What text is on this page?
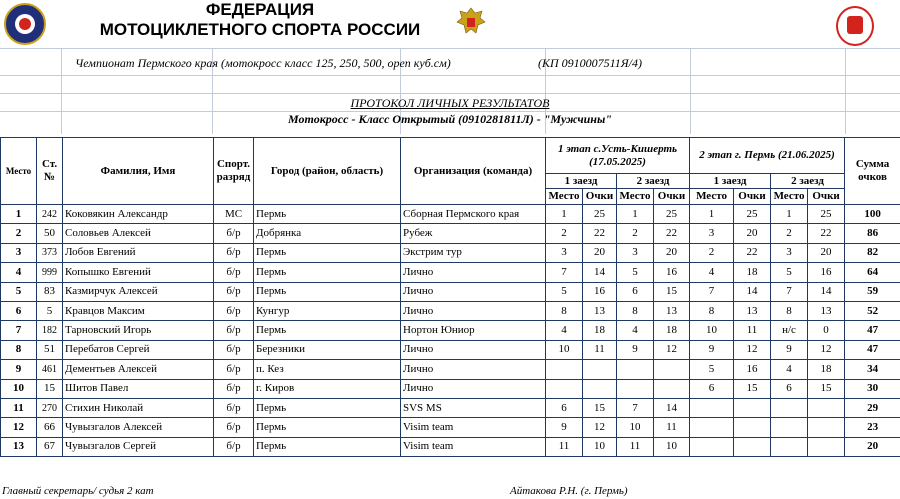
ФЕДЕРАЦИЯ
МОТОЦИКЛЕТНОГО СПОРТА РОССИИ
Чемпионат Пермского края (мотокросс класс 125, 250, 500, open куб.см)	(КП 0910007511Я/4)
ПРОТОКОЛ ЛИЧНЫХ РЕЗУЛЬТАТОВ
Мотокросс - Класс Открытый (0910281811Л) - "Мужчины"
Место	Ст. №	Фамилия, Имя	Спорт. разряд	Город (район, область)	Организация (команда)	1 этап с.Усть-Кишерть (17.05.2025)				2 этап г. Пермь (21.06.2025)				Сумма очков
						1 заезд		2 заезд		1 заезд		2 заезд		
						Место	Очки	Место	Очки	Место	Очки	Место	Очки	
1	242	Коковякин Александр	МС	Пермь	Сборная Пермского края	1	25	1	25	1	25	1	25	100
2	50	Соловьев Алексей	б/р	Добрянка	Рубеж	2	22	2	22	3	20	2	22	86
3	373	Лобов Евгений	б/р	Пермь	Экстрим тур	3	20	3	20	2	22	3	20	82
4	999	Копышко Евгений	б/р	Пермь	Лично	7	14	5	16	4	18	5	16	64
5	83	Казмирчук Алексей	б/р	Пермь	Лично	5	16	6	15	7	14	7	14	59
6	5	Кравцов Максим	б/р	Кунгур	Лично	8	13	8	13	8	13	8	13	52
7	182	Тарновский Игорь	б/р	Пермь	Нортон Юниор	4	18	4	18	10	11	н/с	0	47
8	51	Перебатов Сергей	б/р	Березники	Лично	10	11	9	12	9	12	9	12	47
9	461	Дементьев Алексей	б/р	п. Кез	Лично					5	16	4	18	34
10	15	Шитов Павел	б/р	г. Киров	Лично					6	15	6	15	30
11	270	Стихин Николай	б/р	Пермь	SVS MS	6	15	7	14					29
12	66	Чувызгалов Алексей	б/р	Пермь	Visim team	9	12	10	11					23
13	67	Чувызгалов Сергей	б/р	Пермь	Visim team	11	10	11	10					20
Главный секретарь/ судья 2 кат	Айтакова Р.Н. (г. Пермь)
